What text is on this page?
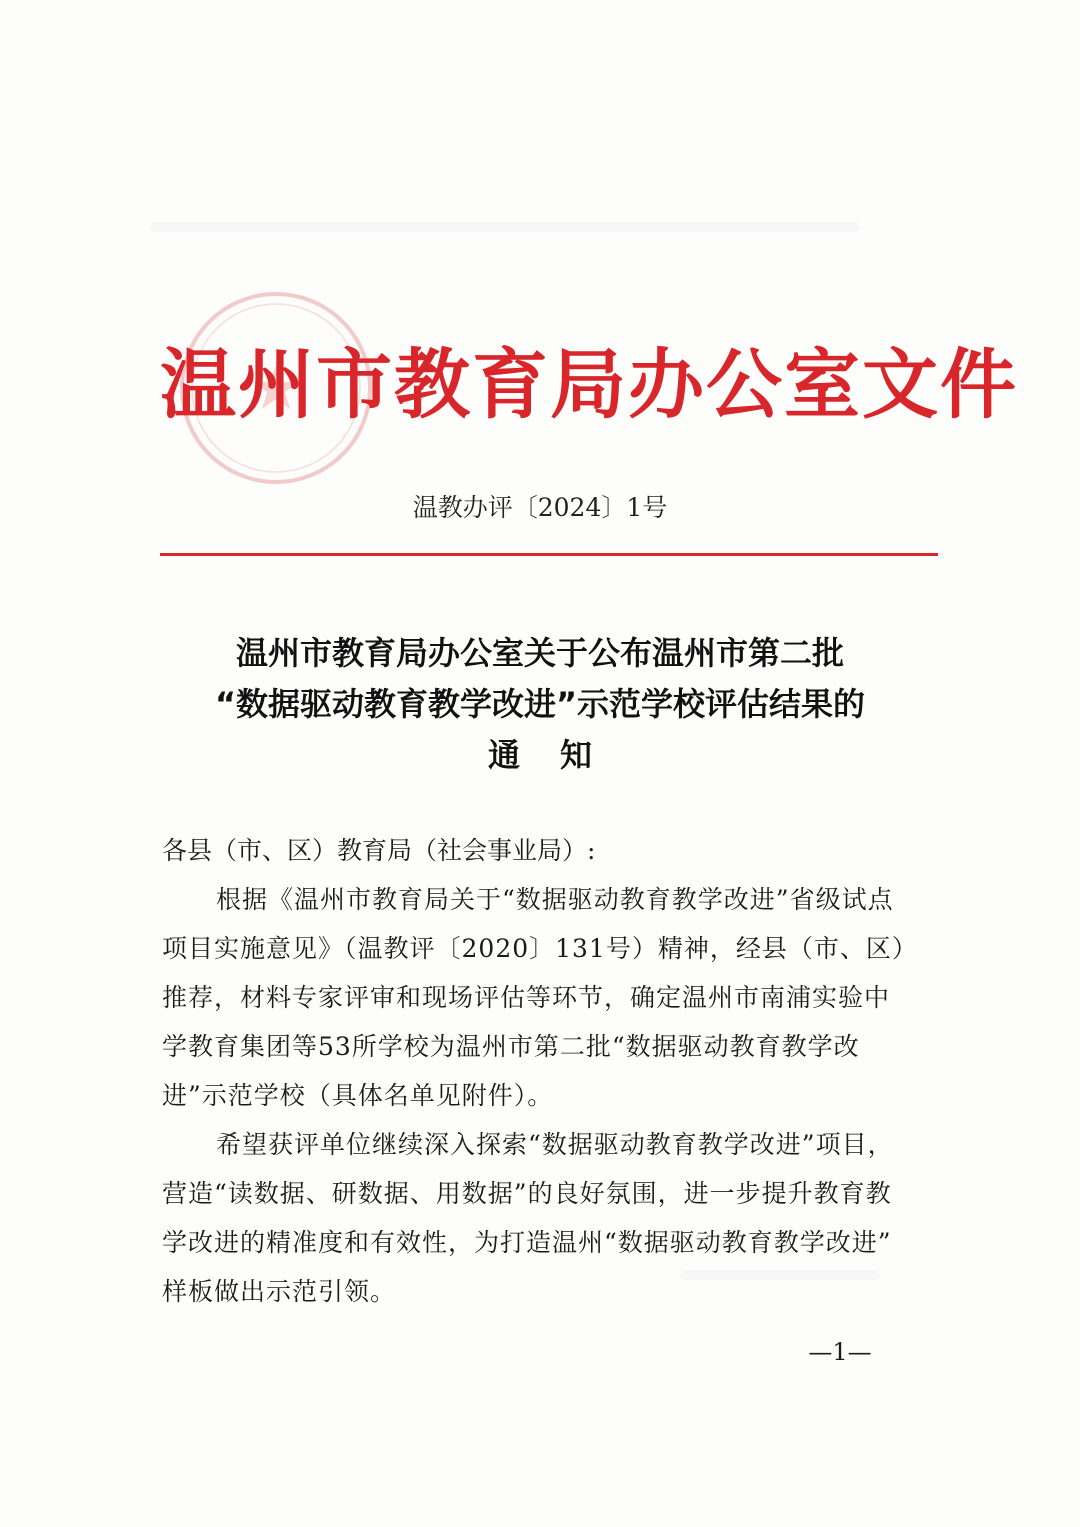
温州市教育局办公室文件
温教办评〔2024〕1号
温州市教育局办公室关于公布温州市第二批
“数据驱动教育教学改进”示范学校评估结果的
通知
各县（市、区）教育局（社会事业局）:
根据《温州市教育局关于“数据驱动教育教学改进”省级试点
项目实施意见》（温教评〔2020〕131号）精神，经县（市、区）
推荐，材料专家评审和现场评估等环节，确定温州市南浦实验中
学教育集团等53所学校为温州市第二批“数据驱动教育教学改
进”示范学校（具体名单见附件）。
希望获评单位继续深入探索“数据驱动教育教学改进”项目，
营造“读数据、研数据、用数据”的良好氛围，进一步提升教育教
学改进的精准度和有效性，为打造温州“数据驱动教育教学改进”
样板做出示范引领。
—1—
